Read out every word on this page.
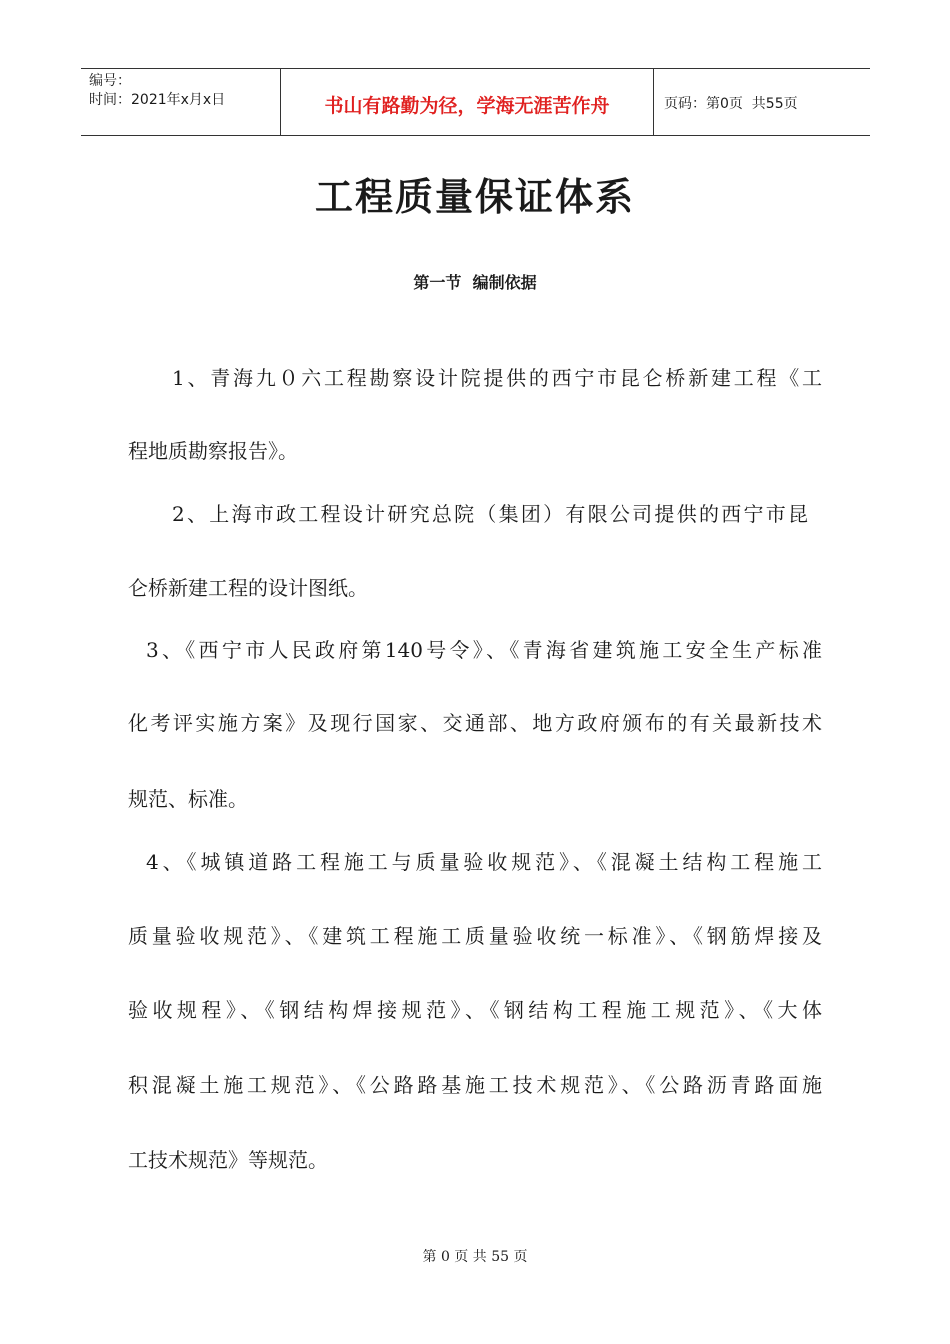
编号：
时间：2021年x月x日	书山有路勤为径，学海无涯苦作舟	页码：第0页  共55页
工程质量保证体系
第一节  编制依据

1、青海九０六工程勘察设计院提供的西宁市昆仑桥新建工程《工

程地质勘察报告》。

2、上海市政工程设计研究总院（集团）有限公司提供的西宁市昆

仑桥新建工程的设计图纸。

3、《西宁市人民政府第140号令》、《青海省建筑施工安全生产标准

化考评实施方案》及现行国家、交通部、地方政府颁布的有关最新技术

规范、标准。

4、《城镇道路工程施工与质量验收规范》、《混凝土结构工程施工

质量验收规范》、《建筑工程施工质量验收统一标准》、《钢筋焊接及

验收规程》、《钢结构焊接规范》、《钢结构工程施工规范》、《大体

积混凝土施工规范》、《公路路基施工技术规范》、《公路沥青路面施

工技术规范》等规范。

第 0 页 共 55 页
